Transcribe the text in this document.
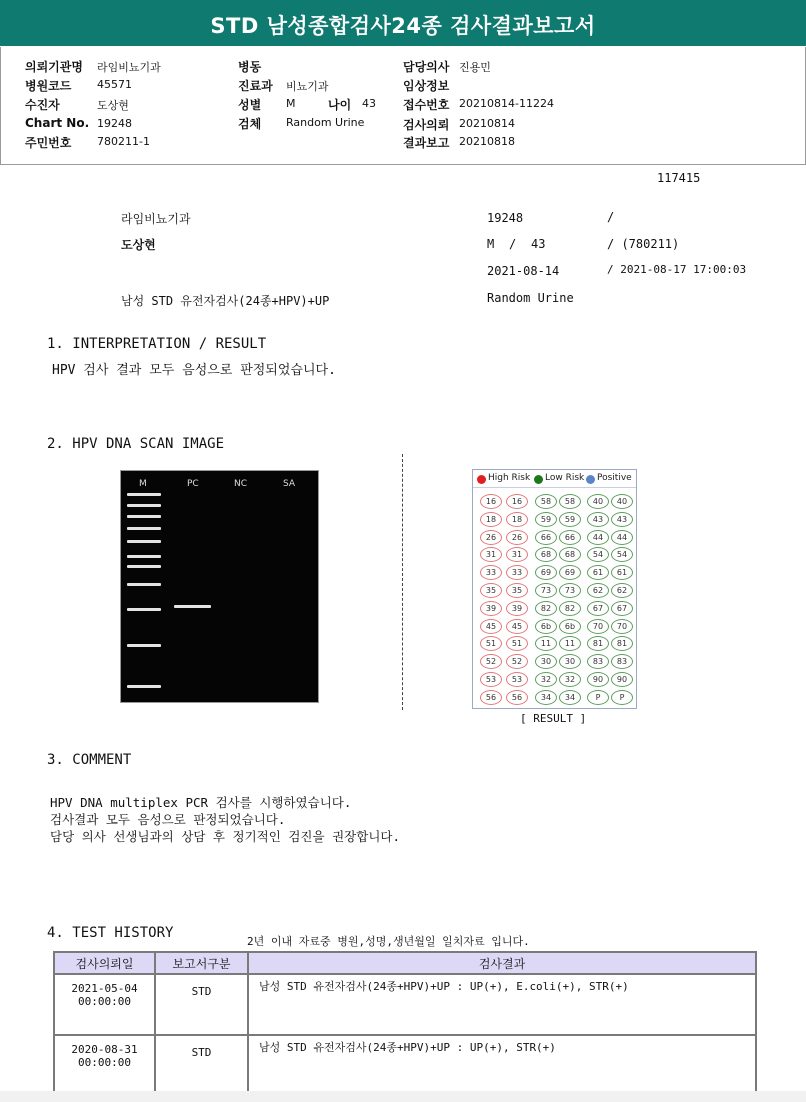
STD 남성종합검사24종 검사결과보고서
의뢰기관명 라임비뇨기과
병원코드 45571
수진자	도상현
Chart No. 19248
주민번호 780211-1
병동
진료과 비뇨기과
성별 M	나이 43
검체 Random Urine
담당의사 진용민
임상정보
접수번호 20210814-11224
검사의뢰 20210814
결과보고 20210818
117415
라임비뇨기과
도상현
남성 STD 유전자검사(24종+HPV)+UP
19248	/
M / 43	/ (780211)
2021-08-14	/ 2021-08-17 17:00:03
Random Urine
1. INTERPRETATION / RESULT
HPV 검사 결과 모두 음성으로 판정되었습니다.
2. HPV DNA SCAN IMAGE
M	PC	NC	SA
High Risk Low Risk Positive
16	16	58	58	40	40
18	18	59	59	43	43
26	26	66	66	44	44
31	31	68	68	54	54
33	33	69	69	61	61
35	35	73	73	62	62
39	39	82	82	67	67
45	45	6b	6b	70	70
51	51	11	11	81	81
52	52	30	30	83	83
53	53	32	32	90	90
56	56	34	34	P	P
[ RESULT ]
3. COMMENT
HPV DNA multiplex PCR 검사를 시행하였습니다.
검사결과 모두 음성으로 판정되었습니다.
담당 의사 선생님과의 상담 후 정기적인 검진을 권장합니다.
4. TEST HISTORY
2년 이내 자료중 병원,성명,생년월일 일치자료 입니다.
검사의뢰일	보고서구분	검사결과

2021-05-04
00:00:00	STD	남성 STD 유전자검사(24종+HPV)+UP : UP(+), E.coli(+), STR(+)

2020-08-31
00:00:00	STD	남성 STD 유전자검사(24종+HPV)+UP : UP(+), STR(+)
